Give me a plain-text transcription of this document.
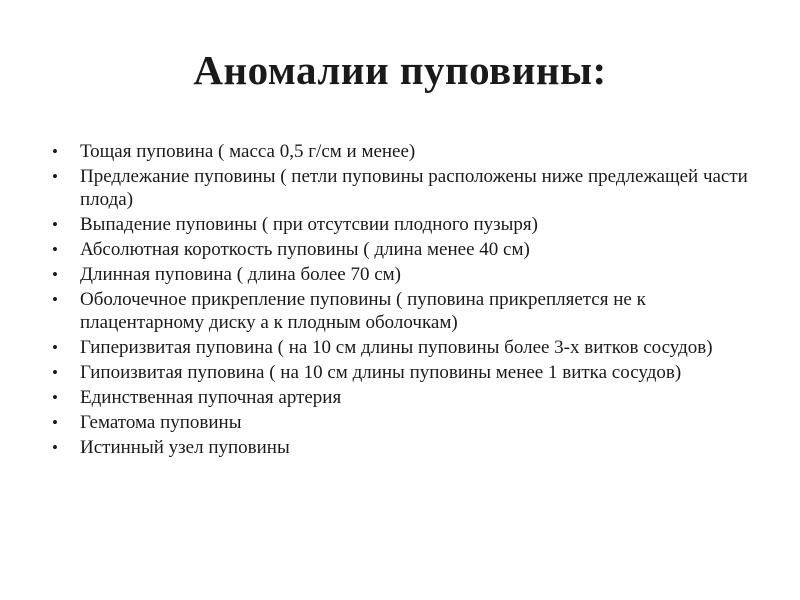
Аномалии пуповины:
• Тощая пуповина ( масса 0,5 г/см и менее)
• Предлежание пуповины ( петли пуповины расположены ниже предлежащей части плода)
• Выпадение пуповины ( при отсутсвии плодного пузыря)
• Абсолютная короткость пуповины ( длина менее 40 см)
• Длинная пуповина ( длина более 70 см)
• Оболочечное прикрепление пуповины ( пуповина прикрепляется не к плацентарному диску а к плодным оболочкам)
• Гиперизвитая пуповина ( на 10 см длины пуповины более 3-х витков сосудов)
• Гипоизвитая пуповина ( на 10 см длины пуповины менее 1 витка сосудов)
• Единственная пупочная артерия
• Гематома пуповины
• Истинный узел пуповины
